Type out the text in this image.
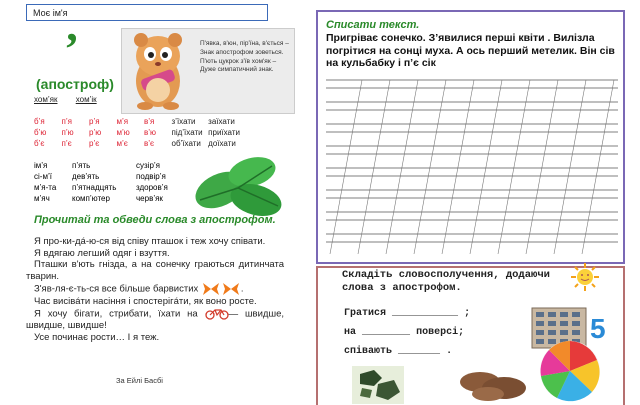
Моє ім'я
’
(апостроф)
хом’як хом’ік
П'явка, в'юн, пір'їна, в'ється –
Знак апострофом зоветься.
П'ють цукрок з'їв хом'як –
Дуже симпатичний знак.
б’я	п’я	р’я	м’я	в’я	з’їхати	заїхати
б’ю	п’ю	р’ю	м’ю	в’ю	під’їхати приїхати
б’є	п’є	р’є	м’є	в’є	об’їхати доїхати
ім’я	п’ять	сузір’я
сі-м’ї	дев’ять	подвір’я
м’я-та	п’ятнадцять	здоров’я
м’яч	комп’ютер	черв’як
Прочитай та обведи слова з апострофом.

Я про-ки-дá-ю-ся від співу пташок і теж хочу співати.

Я вдягаю легший одяг і взуття.

Пташки в'ють гнізда, а на сонечку граються дитинчата тварин.

З'яв-ля-є-ть-ся все більше барвистих	.

Час висівáти насіння і спостерігáти, як воно росте.

Я хочу бігати, стрибати, їхати на	— швидше, швидше, швидше!

Усе починає рости… І я теж.

За Ейлі Басбі
Списати текст.
Пригріває сонечко. З’явилися перші квіти . Вилізла погрітися на сонці муха. А ось перший метелик. Він сів на кульбабку і п’є сік
Складіть словосполучення, додаючи слова з апострофом.
Гратися ___________ ;
на ________ поверсі;
співають _______ .
5
